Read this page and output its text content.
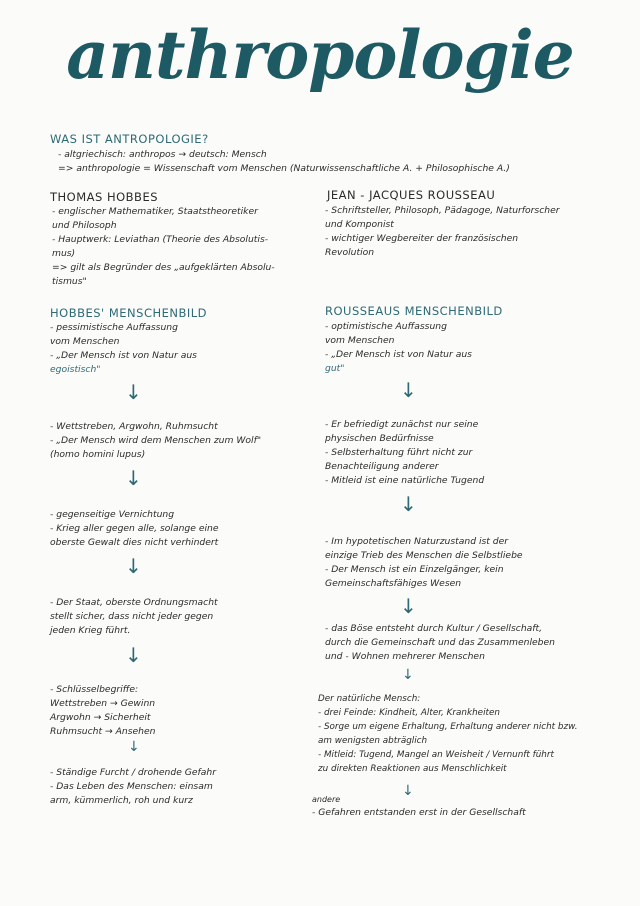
anthropologie
WAS IST ANTROPOLOGIE?
- altgriechisch: anthropos → deutsch: Mensch
=> anthropologie = Wissenschaft vom Menschen (Naturwissenschaftliche A. + Philosophische A.)
THOMAS HOBBES
- englischer Mathematiker, Staatstheoretiker
und Philosoph
- Hauptwerk: Leviathan (Theorie des Absolutis-
mus)
=> gilt als Begründer des „aufgeklärten Absolu-
tismus"
JEAN - JACQUES ROUSSEAU
- Schriftsteller, Philosoph, Pädagoge, Naturforscher
und Komponist
- wichtiger Wegbereiter der französischen
Revolution
HOBBES' MENSCHENBILD
- pessimistische Auffassung
vom Menschen
- „Der Mensch ist von Natur aus
egoistisch"
↓
- Wettstreben, Argwohn, Ruhmsucht
- „Der Mensch wird dem Menschen zum Wolf"
(homo homini lupus)
↓
- gegenseitige Vernichtung
- Krieg aller gegen alle, solange eine
oberste Gewalt dies nicht verhindert
↓
- Der Staat, oberste Ordnungsmacht
stellt sicher, dass nicht jeder gegen
jeden Krieg führt.
↓
- Schlüsselbegriffe:
Wettstreben → Gewinn
Argwohn → Sicherheit
Ruhmsucht → Ansehen
↓
- Ständige Furcht / drohende Gefahr
- Das Leben des Menschen: einsam
arm, kümmerlich, roh und kurz
ROUSSEAUS MENSCHENBILD
- optimistische Auffassung
vom Menschen
- „Der Mensch ist von Natur aus
gut"
↓
- Er befriedigt zunächst nur seine
physischen Bedürfnisse
- Selbsterhaltung führt nicht zur
Benachteiligung anderer
- Mitleid ist eine natürliche Tugend
↓
- Im hypotetischen Naturzustand ist der
einzige Trieb des Menschen die Selbstliebe
- Der Mensch ist ein Einzelgänger, kein
Gemeinschaftsfähiges Wesen
↓
- das Böse entsteht durch Kultur / Gesellschaft,
durch die Gemeinschaft und das Zusammenleben
und - Wohnen mehrerer Menschen
↓
Der natürliche Mensch:
- drei Feinde: Kindheit, Alter, Krankheiten
- Sorge um eigene Erhaltung, Erhaltung anderer nicht bzw.
am wenigsten abträglich
- Mitleid: Tugend, Mangel an Weisheit / Vernunft führt
zu direkten Reaktionen aus Menschlichkeit
↓
andere
- Gefahren entstanden erst in der Gesellschaft
